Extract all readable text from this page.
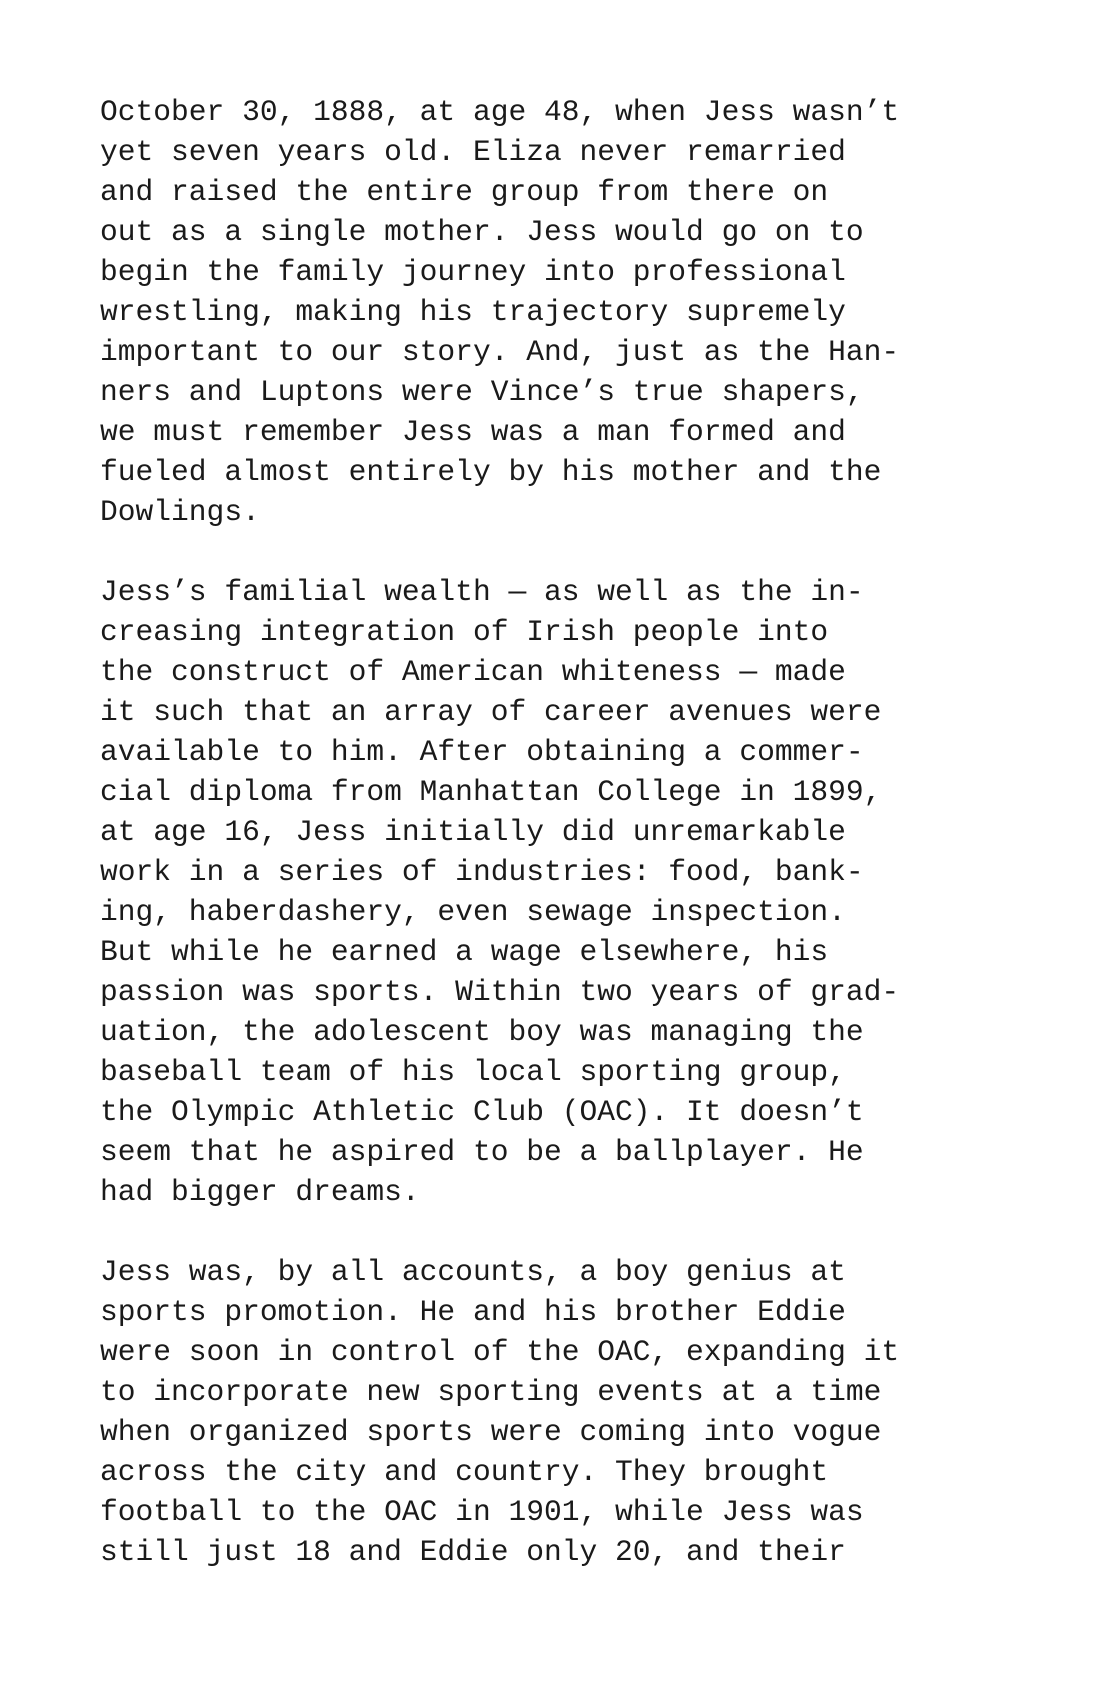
October 30, 1888, at age 48, when Jess wasn’t
yet seven years old. Eliza never remarried
and raised the entire group from there on
out as a single mother. Jess would go on to
begin the family journey into professional
wrestling, making his trajectory supremely
important to our story. And, just as the Han-
ners and Luptons were Vince’s true shapers,
we must remember Jess was a man formed and
fueled almost entirely by his mother and the
Dowlings.

Jess’s familial wealth — as well as the in-
creasing integration of Irish people into
the construct of American whiteness — made
it such that an array of career avenues were
available to him. After obtaining a commer-
cial diploma from Manhattan College in 1899,
at age 16, Jess initially did unremarkable
work in a series of industries: food, bank-
ing, haberdashery, even sewage inspection.
But while he earned a wage elsewhere, his
passion was sports. Within two years of grad-
uation, the adolescent boy was managing the
baseball team of his local sporting group,
the Olympic Athletic Club (OAC). It doesn’t
seem that he aspired to be a ballplayer. He
had bigger dreams.

Jess was, by all accounts, a boy genius at
sports promotion. He and his brother Eddie
were soon in control of the OAC, expanding it
to incorporate new sporting events at a time
when organized sports were coming into vogue
across the city and country. They brought
football to the OAC in 1901, while Jess was
still just 18 and Eddie only 20, and their
